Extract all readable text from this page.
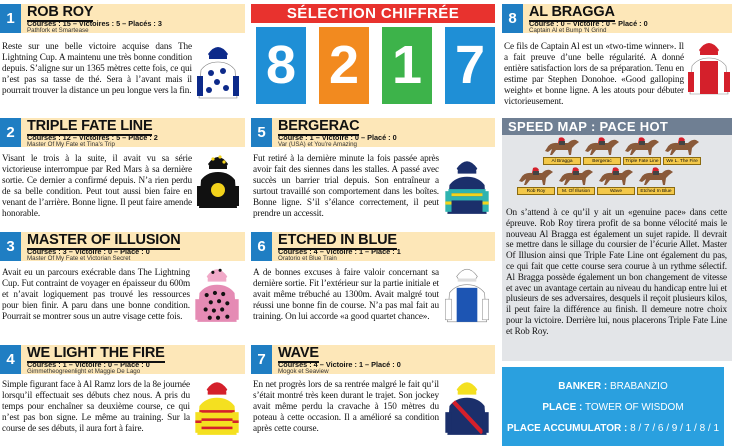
1 ROB ROY
Courses : 15 – Victoires : 5 – Placés : 3
Pathfork et Smartease
Reste sur une belle victoire acquise dans The Lightning Cup. A maintenu une très bonne condition depuis. S’aligne sur un 1365 mètres cette fois, ce qui n’est pas sa tasse de thé. Sera à l’avant mais il pourrait trouver la distance un peu longue vers la fin.
2 TRIPLE FATE LINE
Courses : 12 – Victoires : 5 – Placé : 2
Master Of My Fate et Tina’s Trip
Visant le trois à la suite, il avait vu sa série victorieuse interrompue par Red Mars à sa dernière sortie. Ce dernier a confirmé depuis. N’a rien perdu de sa belle condition. Peut tout aussi bien faire en venant de l’arrière. Bonne ligne. Il peut faire amende honorable.
3 MASTER OF ILLUSION
Courses : 3 – Victoire : 0 – Placé : 0
Master Of My Fate et Victorian Secret
Avait eu un parcours exécrable dans The Lightning Cup. Fut contraint de voyager en épaisseur du 600m et n’avait logiquement pas trouvé les ressources pour bien finir. A paru dans une bonne condition. Pourrait se montrer sous un autre visage cette fois.
4 WE LIGHT THE FIRE
Courses : 1 – Victoire : 0 – Placé : 0
Gimmetheogreenlight et Maggie De Lago
Simple figurant face à Al Ramz lors de la 8e journée lorsqu’il effectuait ses débuts chez nous. A pris du temps pour enchaîner sa deuxième course, ce qui n’est pas bon signe. Le même au training. Sur la course de ses débuts, il aura fort à faire.
SÉLECTION CHIFFRÉE
8 2 1 7
5 BERGERAC
Course : 1 – Victoire : 0 – Placé : 0
Var (USA) et You’re Amazing
Fut retiré à la dernière minute la fois passée après avoir fait des siennes dans les stalles. A passé avec succès un barrier trial depuis. Son entraîneur a surtout travaillé son comportement dans les boîtes. Bonne ligne. S’il s’élance correctement, il peut prendre un accessit.
6 ETCHED IN BLUE
Courses : 4 – Victoire : 1 – Placé : 1
Oratorio et Blue Train
A de bonnes excuses à faire valoir concernant sa dernière sortie. Fit l’extérieur sur la partie initiale et avait même trébuché au 1300m. Avait malgré tout réussi une bonne fin de course. N’a pas mal fait au training. On lui accorde «a good quartet chance».
7 WAVE
Courses : 4 – Victoire : 1 – Placé : 0
Mogok et Seaview
En net progrès lors de sa rentrée malgré le fait qu’il s’était montré très keen durant le trajet. Son jockey avait même perdu la cravache à 150 mètres du poteau à cette occasion. Il a amélioré sa condition après cette course.
8 AL BRAGGA
Course : 0 – Victoire : 0 – Placé : 0
Captain Al et Bump ‘N Grind
Ce fils de Captain Al est un «two-time winner». Il a fait preuve d’une belle régularité. A donné entière satisfaction lors de sa préparation. Tenu en estime par Stephen Donohoe. «Good galloping weight» et bonne ligne. A les atouts pour débuter victorieusement.
SPEED MAP : PACE HOT
Al Bragga	Bergerac	Triple Fate Line	We L. The Fire
Rob Roy	M. Of Illusion	Wave	Etched In Blue
On s’attend à ce qu’il y ait un «genuine pace» dans cette épreuve. Rob Roy tirera profit de sa bonne vélocité mais le nouveau Al Bragga est également un sujet rapide. Il devrait se mettre dans le sillage du coursier de l’écurie Allet. Master Of Illusion ainsi que Triple Fate Line ont également du pas, ce qui fait que cette course sera courue à un rythme sélectif. Al Bragga possède également un bon changement de vitesse et avec un avantage certain au niveau du handicap entre lui et plusieurs de ses adversaires, desquels il reçoit plusieurs kilos, il peut faire la différence au finish. Il demeure notre choix pour la victoire. Derrière lui, nous placerons Triple Fate Line et Rob Roy.
BANKER : BRABANZIO
PLACE : TOWER OF WISDOM
PLACE ACCUMULATOR : 8 / 7 / 6 / 9 / 1 / 8 / 1
